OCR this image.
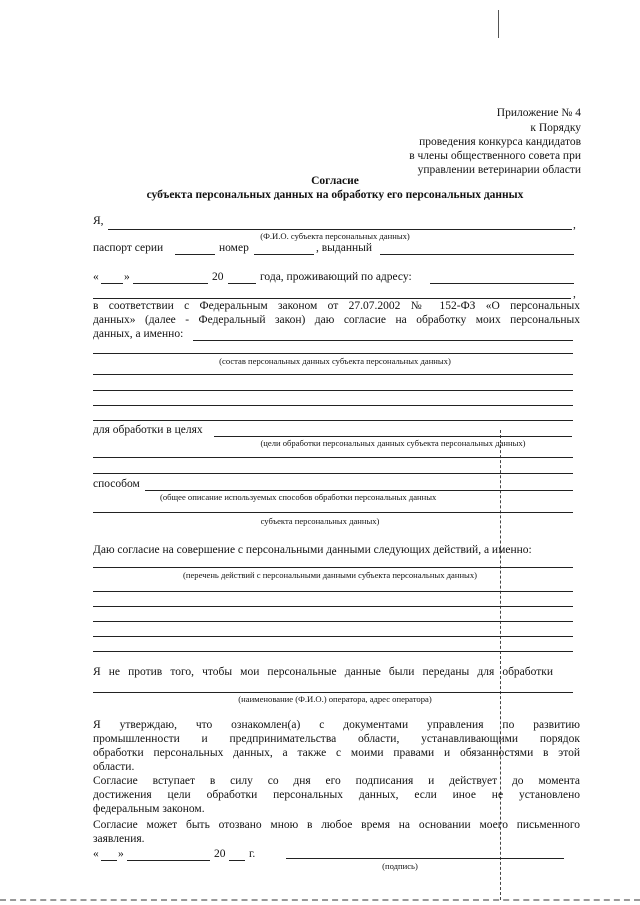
Приложение № 4
к Порядку
проведения конкурса кандидатов
в члены общественного совета при
управлении ветеринарии области
Согласие
субъекта персональных данных на обработку его персональных данных
Я,	,
(Ф.И.О. субъекта персональных данных)
паспорт серии	номер	, выданный
« »	20	года, проживающий по адресу:
,
в соответствии с Федеральным законом от 27.07.2002 № 152-ФЗ «О персональных
данных» (далее - Федеральный закон) даю согласие на обработку моих персональных
данных, а именно:
(состав персональных данных субъекта персональных данных)
для обработки в целях
(цели обработки персональных данных субъекта персональных данных)
способом
(общее описание используемых способов обработки персональных данных
субъекта персональных данных)
Даю согласие на совершение с персональными данными следующих действий, а именно:
(перечень действий с персональными данными субъекта персональных данных)
Я не против того, чтобы мои персональные данные были переданы для обработки
(наименование (Ф.И.О.) оператора, адрес оператора)
Я утверждаю, что ознакомлен(а) с документами управления по развитию
промышленности и предпринимательства области, устанавливающими порядок
обработки персональных данных, а также с моими правами и обязанностями в этой
области.
Согласие вступает в силу со дня его подписания и действует до момента
достижения цели обработки персональных данных, если иное не установлено
федеральным законом.
Согласие может быть отозвано мною в любое время на основании моего письменного
заявления.
« »	20 г.
(подпись)
